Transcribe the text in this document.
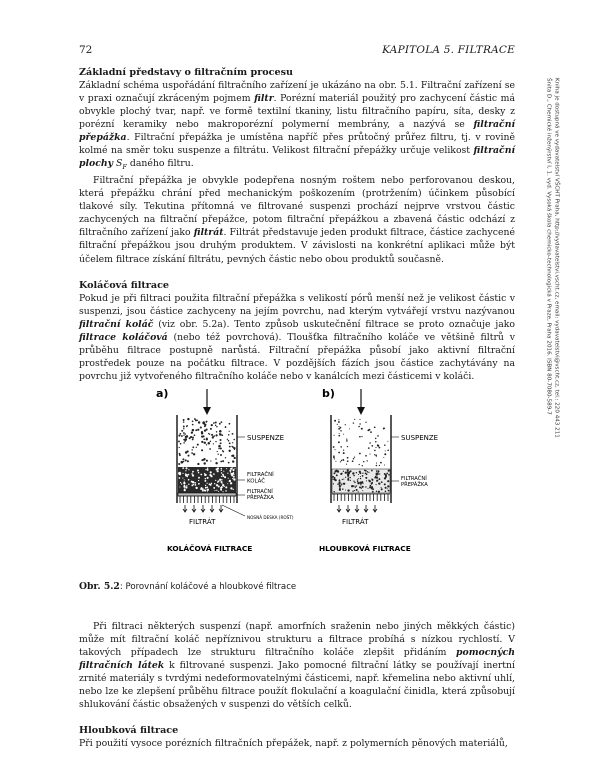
72	KAPITOLA 5. FILTRACE
Šnita D., Chemické inženýrství I, 1. vyd. Vysoká škola chemicko-technologická v Praze, Praha 2016. ISBN 80-7080-589-7 Kniha je dostupná ve vydavatelství VŠCHT Praha, http://vydavatelstvi.vscht.cz, email: vydavatelstvi@vscht.cz, tel.: 220 443 211
Základní představy o filtračním procesu

Základní schéma uspořádání filtračního zařízení je ukázáno na obr. 5.1. Filtrační zařízení se v praxi označují zkráceným pojmem filtr. Porézní materiál použitý pro zachycení částic má obvykle plochý tvar, např. ve formě textilní tkaniny, listu filtračního papíru, síta, desky z porézní keramiky nebo makroporézní polymerní membrány, a nazývá se filtrační přepážka. Filtrační přepážka je umístěna napříč přes průtočný průřez filtru, tj. v rovině kolmé na směr toku suspenze a filtrátu. Velikost filtrační přepážky určuje velikost filtrační plochy $S_F$ daného filtru.

Filtrační přepážka je obvykle podepřena nosným roštem nebo perforovanou deskou, která přepážku chrání před mechanickým poškozením (protržením) účinkem působící tlakové síly. Tekutina přítomná ve filtrované suspenzi prochází nejprve vrstvou částic zachycených na filtrační přepážce, potom filtrační přepážkou a zbavená částic odchází z filtračního zařízení jako filtrát. Filtrát představuje jeden produkt filtrace, částice zachycené filtrační přepážkou jsou druhým produktem. V závislosti na konkrétní aplikaci může být účelem filtrace získání filtrátu, pevných částic nebo obou produktů současně.

Koláčová filtrace

Pokud je při filtraci použita filtrační přepážka s velikostí pórů menší než je velikost částic v suspenzi, jsou částice zachyceny na jejím povrchu, nad kterým vytvářejí vrstvu nazývanou filtrační koláč (viz obr. 5.2a). Tento způsob uskutečnění filtrace se proto označuje jako filtrace koláčová (nebo též povrchová). Tloušťka filtračního koláče ve většině filtrů v průběhu filtrace postupně narůstá. Filtrační přepážka působí jako aktivní filtrační prostředek pouze na počátku filtrace. V pozdějších fázích jsou částice zachytávány na povrchu již vytvořeného filtračního koláče nebo v kanálcích mezi částicemi v koláči.

a)	b)
SUSPENZE
FILTRAČNÍ KOLÁČ
FILTRAČNÍ PŘEPÁŽKA
NOSNÁ DESKA (ROŠT)
FILTRÁT
KOLÁČOVÁ FILTRACE
SUSPENZE
FILTRAČNÍ PŘEPÁŽKA
FILTRÁT
HLOUBKOVÁ FILTRACE

Obr. 5.2: Porovnání koláčové a hloubkové filtrace

Při filtraci některých suspenzí (např. amorfních sraženin nebo jiných měkkých částic) může mít filtrační koláč nepříznivou strukturu a filtrace probíhá s nízkou rychlostí. V takových případech lze strukturu filtračního koláče zlepšit přidáním pomocných filtračních látek k filtrované suspenzi. Jako pomocné filtrační látky se používají inertní zrnité materiály s tvrdými nedeformovatelnými částicemi, např. křemelina nebo aktivní uhlí, nebo lze ke zlepšení průběhu filtrace použít flokulační a koagulační činidla, která způsobují shlukování částic obsažených v suspenzi do větších celků.

Hloubková filtrace

Při použití vysoce porézních filtračních přepážek, např. z polymerních pěnových materiálů,
